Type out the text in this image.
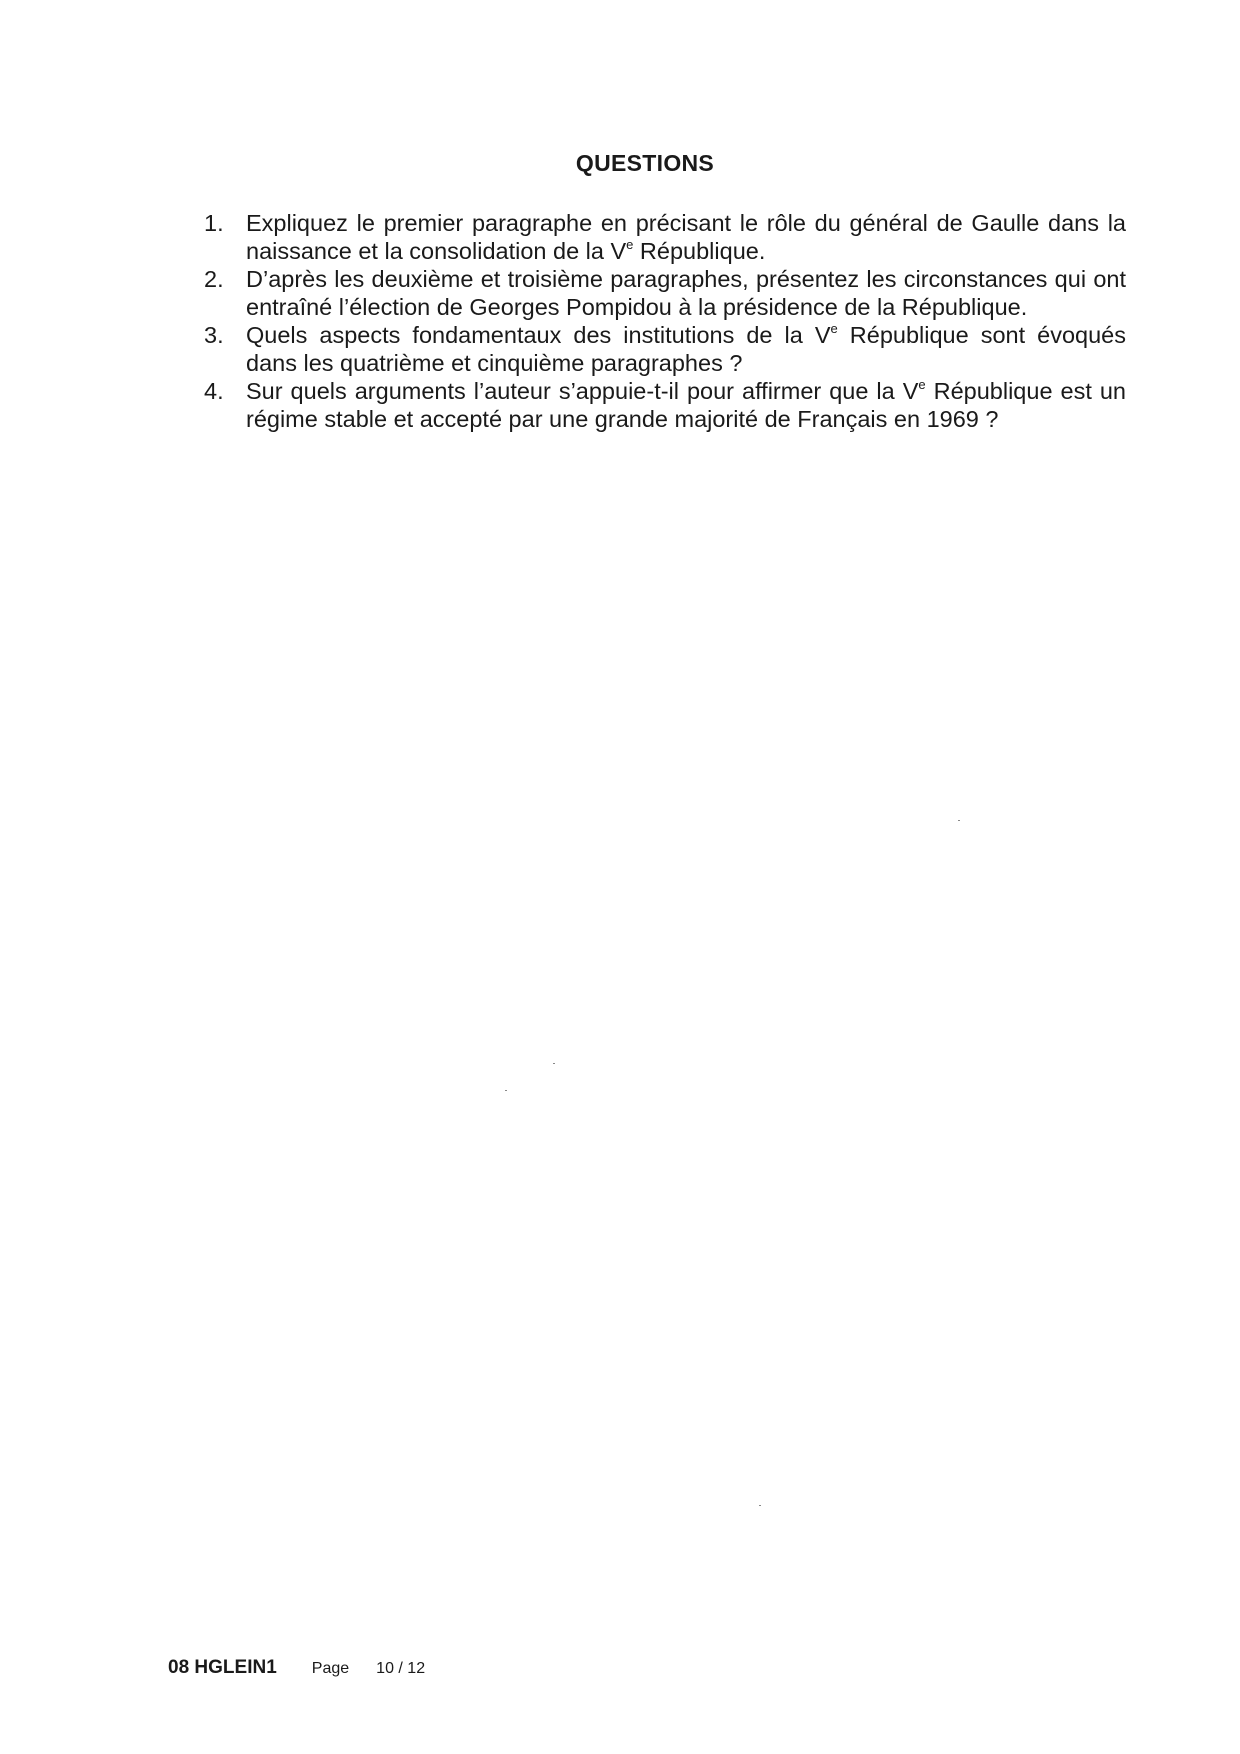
QUESTIONS
1. Expliquez le premier paragraphe en précisant le rôle du général de Gaulle dans la naissance et la consolidation de la Ve République.
2. D’après les deuxième et troisième paragraphes, présentez les circonstances qui ont entraîné l’élection de Georges Pompidou à la présidence de la République.
3. Quels aspects fondamentaux des institutions de la Ve République sont évoqués dans les quatrième et cinquième paragraphes ?
4. Sur quels arguments l’auteur s’appuie-t-il pour affirmer que la Ve République est un régime stable et accepté par une grande majorité de Français en 1969 ?
08 HGLEIN1 Page 10 / 12
